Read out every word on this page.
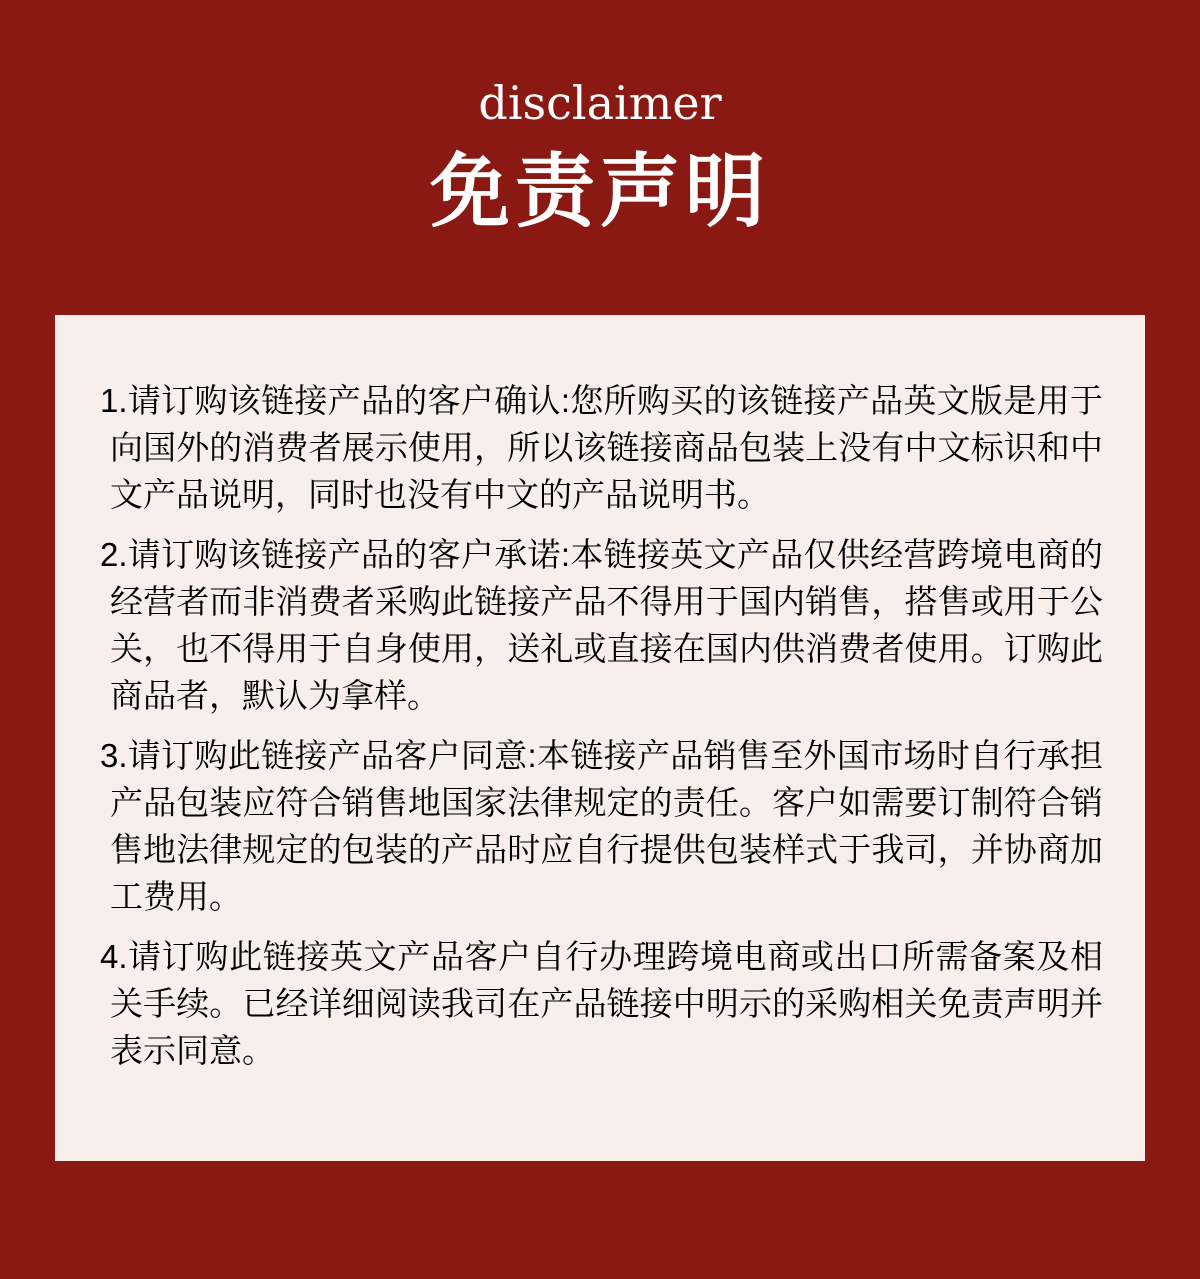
disclaimer
免责声明

1.请订购该链接产品的客户确认:您所购买的该链接产品英文版是用于向国外的消费者展示使用，所以该链接商品包装上没有中文标识和中文产品说明，同时也没有中文的产品说明书。

2.请订购该链接产品的客户承诺:本链接英文产品仅供经营跨境电商的经营者而非消费者采购此链接产品不得用于国内销售，搭售或用于公关，也不得用于自身使用，送礼或直接在国内供消费者使用。订购此商品者，默认为拿样。

3.请订购此链接产品客户同意:本链接产品销售至外国市场时自行承担产品包装应符合销售地国家法律规定的责任。客户如需要订制符合销售地法律规定的包装的产品时应自行提供包装样式于我司，并协商加工费用。

4.请订购此链接英文产品客户自行办理跨境电商或出口所需备案及相关手续。已经详细阅读我司在产品链接中明示的采购相关免责声明并表示同意。
